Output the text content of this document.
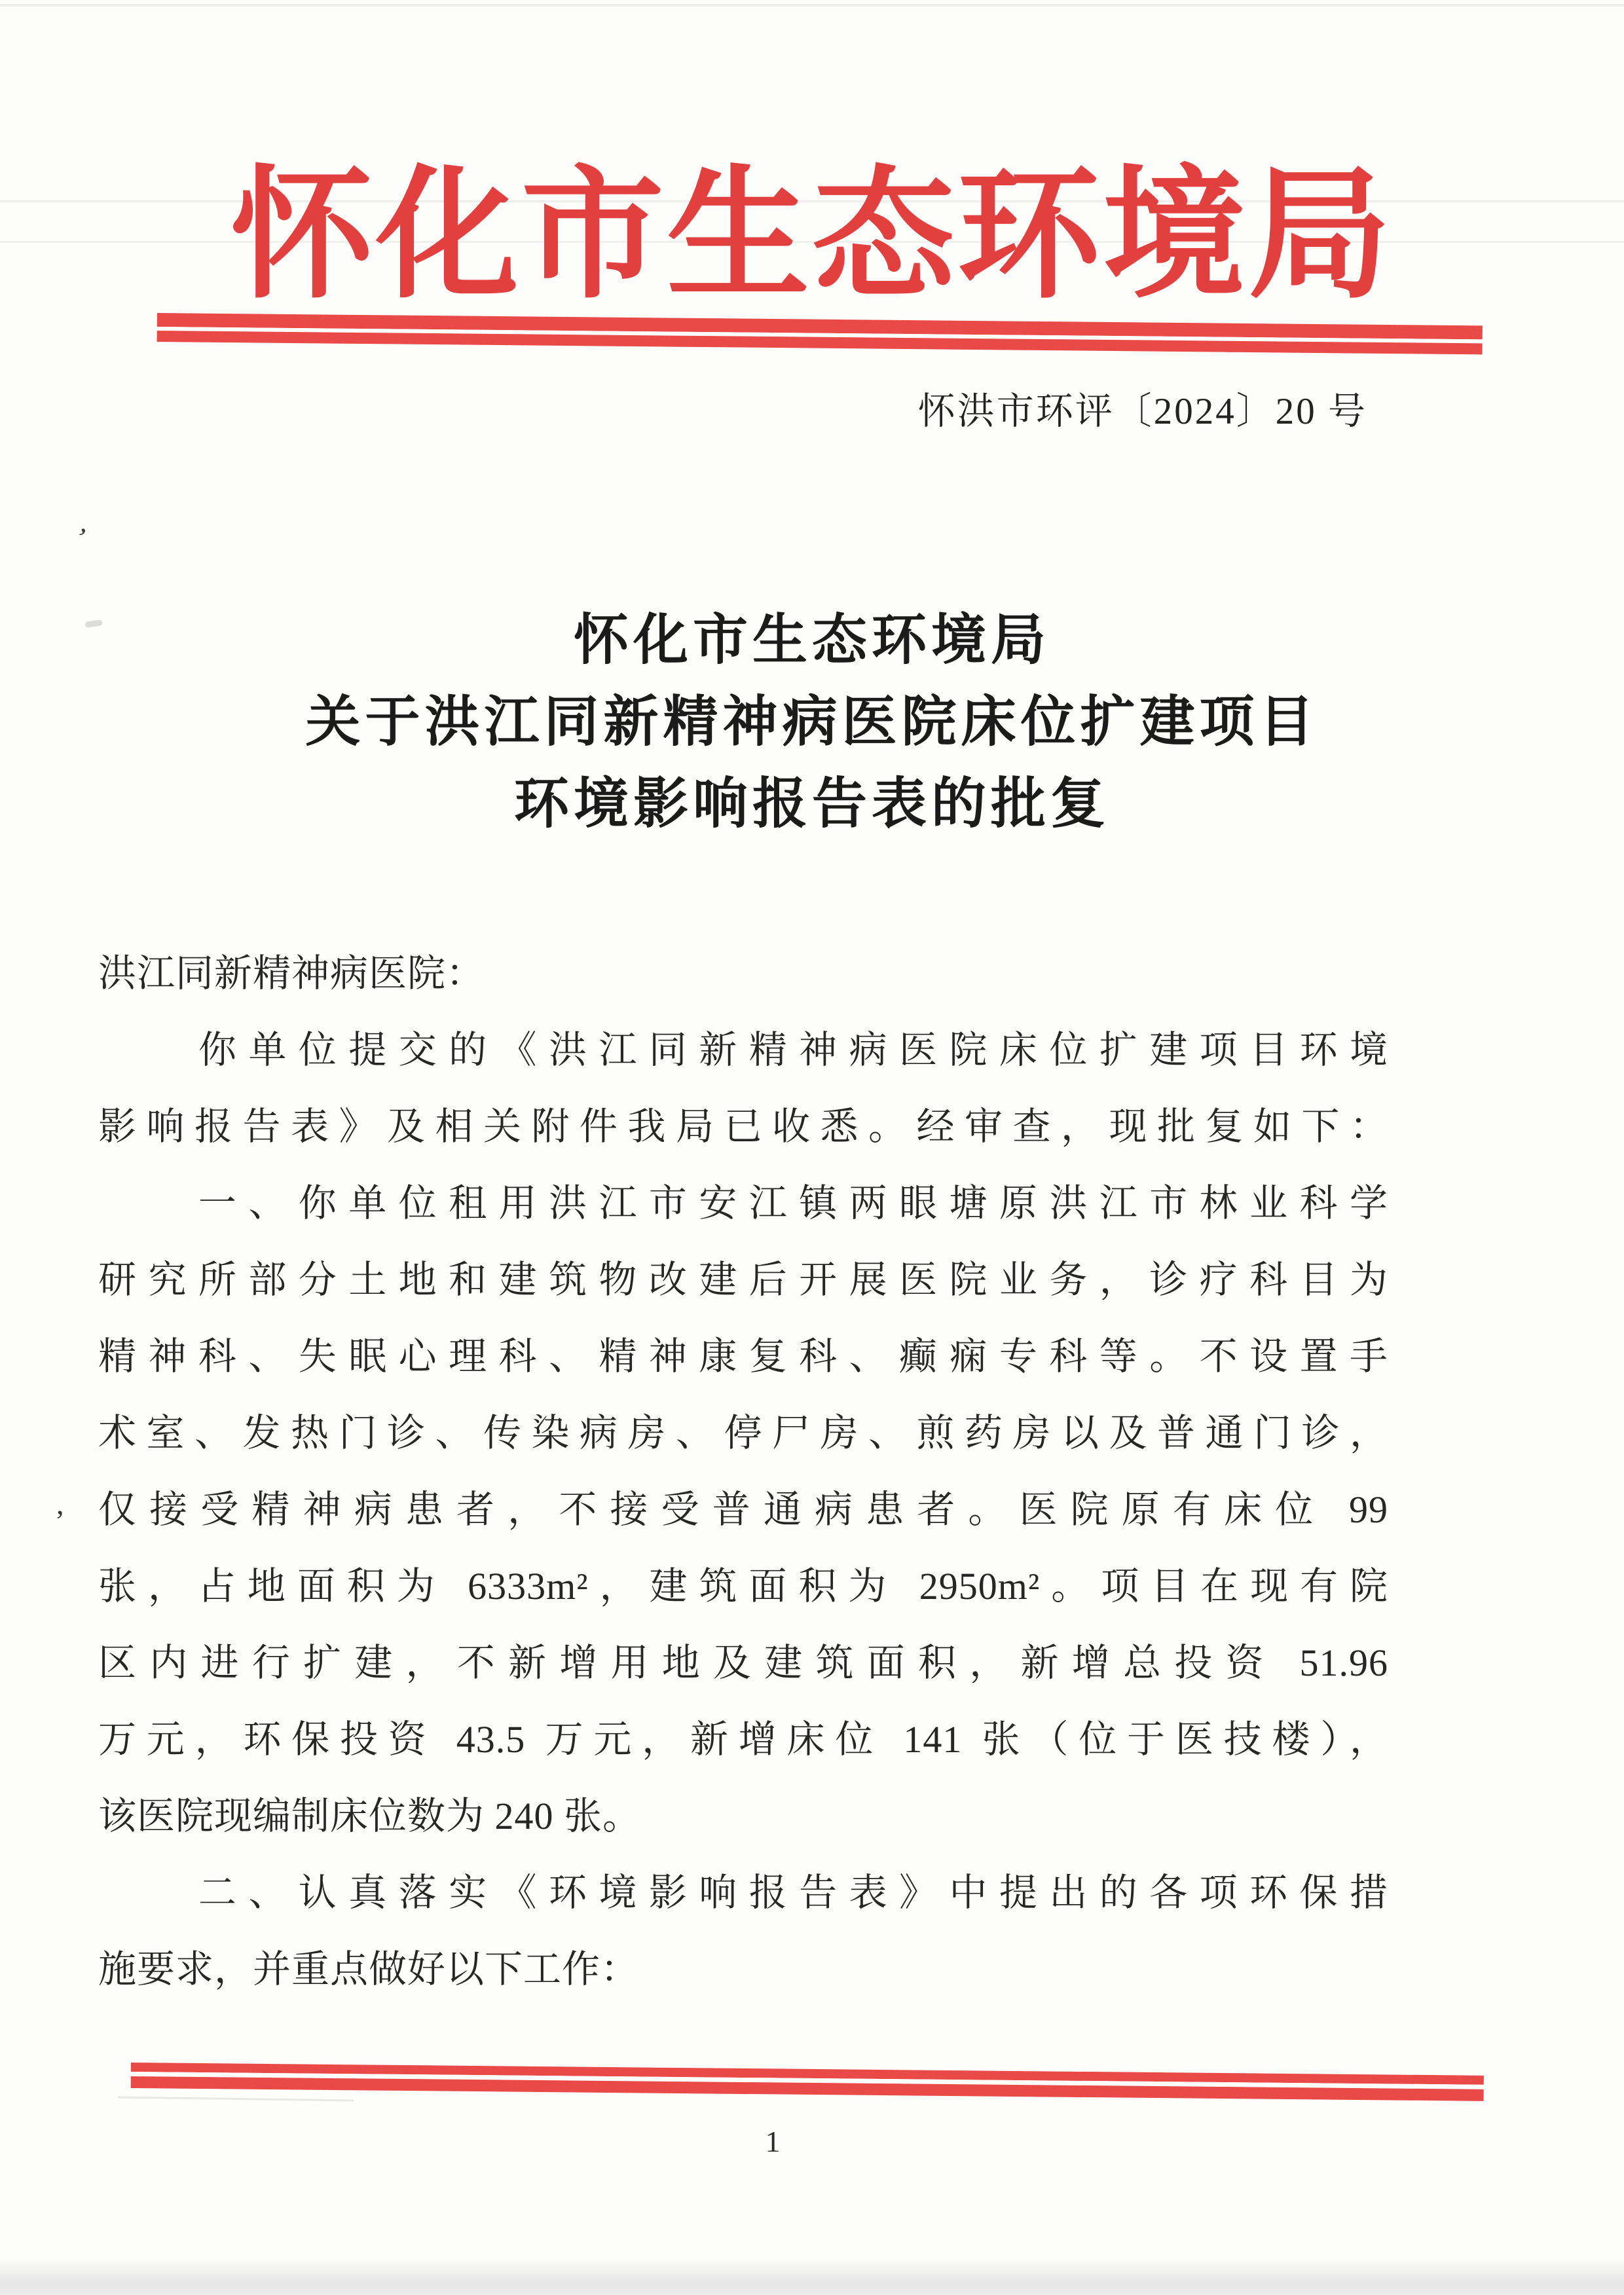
怀化市生态环境局
怀洪市环评〔2024〕20 号
怀化市生态环境局
关于洪江同新精神病医院床位扩建项目
环境影响报告表的批复
洪江同新精神病医院：
　　你单位提交的《洪江同新精神病医院床位扩建项目环境
影响报告表》及相关附件我局已收悉。经审查，现批复如下：
　　一、你单位租用洪江市安江镇两眼塘原洪江市林业科学
研究所部分土地和建筑物改建后开展医院业务，诊疗科目为
精神科、失眠心理科、精神康复科、癫痫专科等。不设置手
术室、发热门诊、传染病房、停尸房、煎药房以及普通门诊，
仅接受精神病患者，不接受普通病患者。医院原有床位 99
张，占地面积为 6333m²，建筑面积为 2950m²。项目在现有院
区内进行扩建，不新增用地及建筑面积，新增总投资 51.96
万元，环保投资 43.5 万元，新增床位 141 张（位于医技楼），
该医院现编制床位数为 240 张。
　　二、认真落实《环境影响报告表》中提出的各项环保措
施要求，并重点做好以下工作：
1
ʼ
,
